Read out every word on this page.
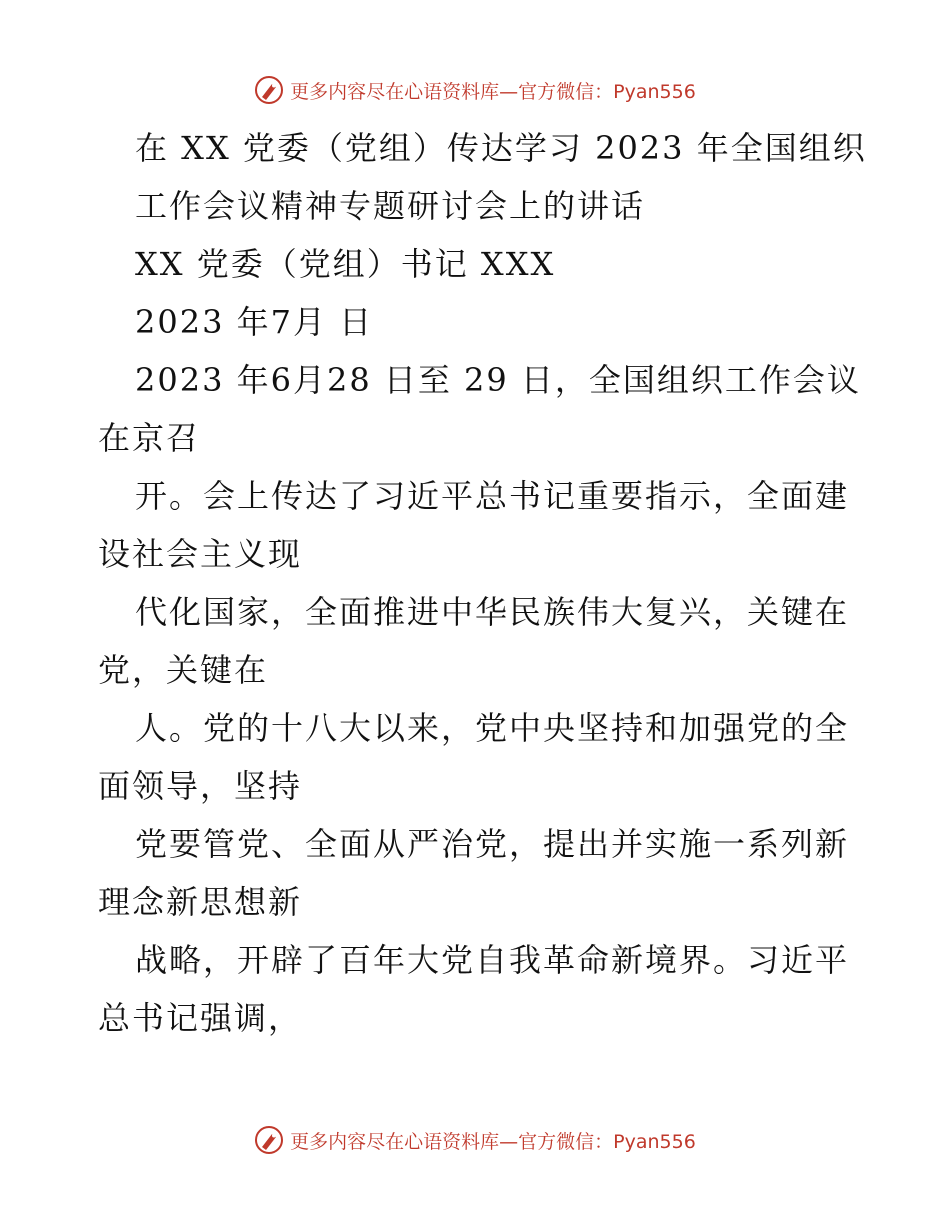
更多内容尽在心语资料库—官方微信：Pyan556
在 XX 党委（党组）传达学习 2023 年全国组织
工作会议精神专题研讨会上的讲话
XX 党委（党组）书记 XXX
2023 年7月 日
2023 年6月28 日至 29 日，全国组织工作会议
在京召
开。会上传达了习近平总书记重要指示，全面建
设社会主义现
代化国家，全面推进中华民族伟大复兴，关键在
党，关键在
人。党的十八大以来，党中央坚持和加强党的全
面领导，坚持
党要管党、全面从严治党，提出并实施一系列新
理念新思想新
战略，开辟了百年大党自我革命新境界。习近平
总书记强调，
更多内容尽在心语资料库—官方微信：Pyan556
